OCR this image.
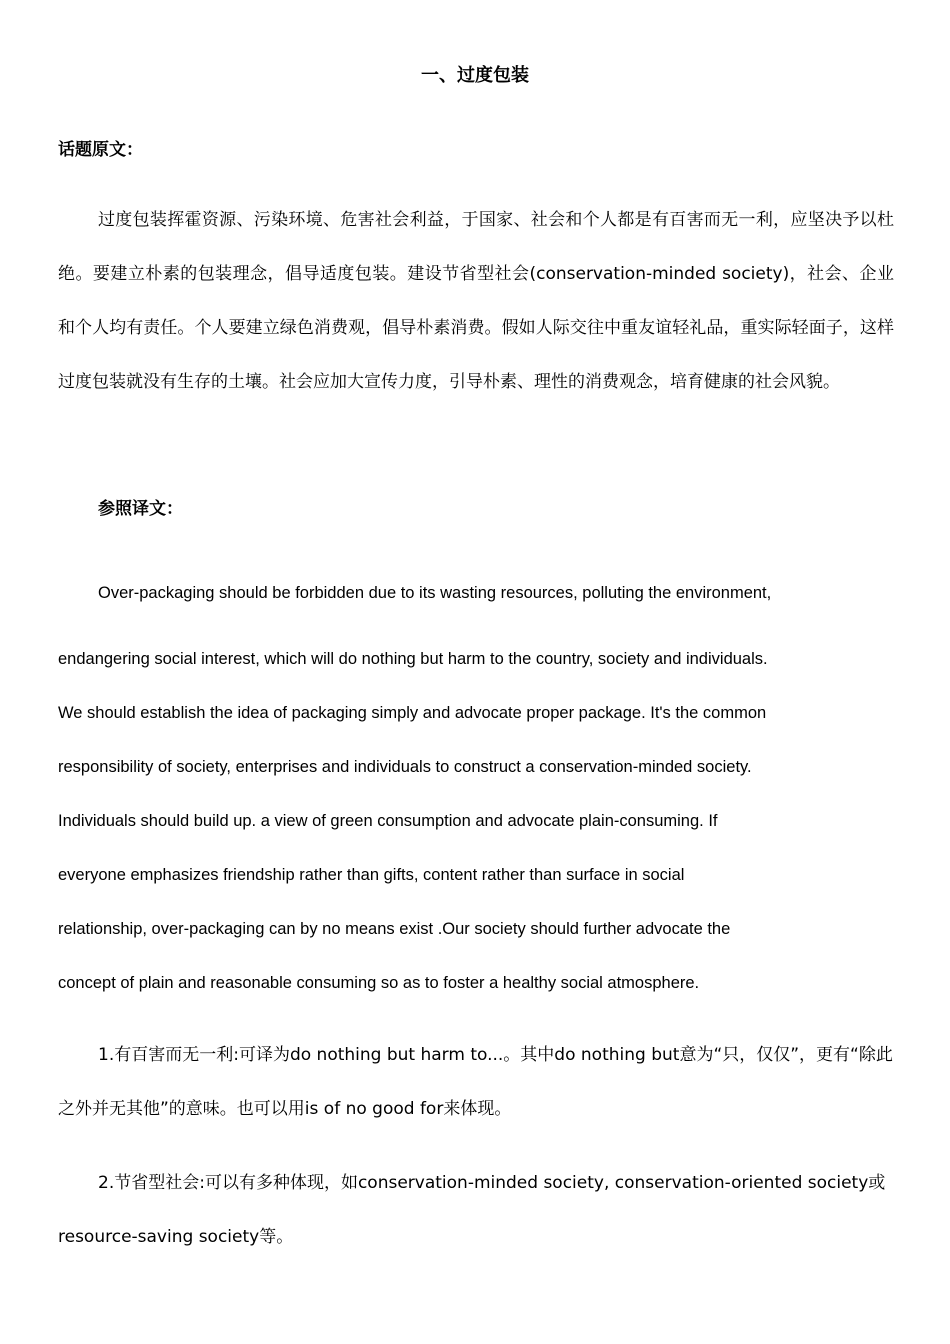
一、过度包装
话题原文：

过度包装挥霍资源、污染环境、危害社会利益，于国家、社会和个人都是有百害而无一利，应坚决予以杜绝。要建立朴素的包装理念，倡导适度包装。建设节省型社会(conservation-minded society)，社会、企业和个人均有责任。个人要建立绿色消费观，倡导朴素消费。假如人际交往中重友谊轻礼品，重实际轻面子，这样过度包装就没有生存的土壤。社会应加大宣传力度，引导朴素、理性的消费观念，培育健康的社会风貌。

参照译文：
Over-packaging should be forbidden due to its wasting resources, polluting the environment,
endangering social interest, which will do nothing but harm to the country, society and individuals.
We should establish the idea of packaging simply and advocate proper package. It's the common
responsibility of society, enterprises and individuals to construct a conservation-minded society.
Individuals should build up. a view of green consumption and advocate plain-consuming. If
everyone emphasizes friendship rather than gifts, content rather than surface in social
relationship, over-packaging can by no means exist .Our society should further advocate the
concept of plain and reasonable consuming so as to foster a healthy social atmosphere.

1.有百害而无一利:可译为do nothing but harm to...。其中do nothing but意为“只，仅仅”，更有“除此之外并无其他”的意味。也可以用is of no good for来体现。

2.节省型社会:可以有多种体现，如conservation-minded society, conservation-oriented society或resource-saving society等。
